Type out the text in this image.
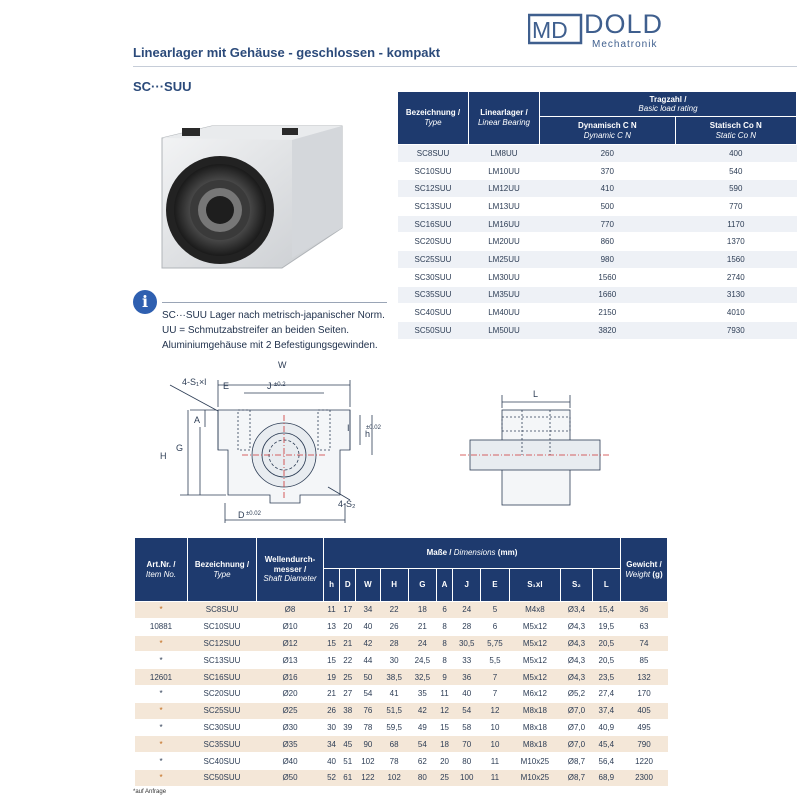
MD DOLD
Mechatronik
Linearlager mit Gehäuse - geschlossen - kompakt
SC···SUU
Bezeichnung /
Type	Linearlager /
Linear Bearing	Tragzahl /
Basic load rating	
		Dynamisch C N
Dynamic C N	Statisch Co N
Static Co N
SC8SUU	LM8UU	260	400
SC10SUU	LM10UU	370	540
SC12SUU	LM12UU	410	590
SC13SUU	LM13UU	500	770
SC16SUU	LM16UU	770	1170
SC20SUU	LM20UU	860	1370
SC25SUU	LM25UU	980	1560
SC30SUU	LM30UU	1560	2740
SC35SUU	LM35UU	1660	3130
SC40SUU	LM40UU	2150	4010
SC50SUU	LM50UU	3820	7930
i
SC···SUU Lager nach metrisch-japanischer Norm.
UU = Schmutzabstreifer an beiden Seiten.
Aluminiumgehäuse mit 2 Befestigungsgewinden.
W
4-S₁×l E	J ±0.2
A
H
G
I
h
±0.02
4-S₂
D ±0.02
L
Art.Nr. /
Item No.	Bezeichnung /
Type	Wellendurch-messer /
Shaft Diameter	Maße / Dimensions (mm)											Gewicht /
Weight (g)
			h	D	W	H	G	A	J	E	S₁xl	S₂	L	
*	SC8SUU	Ø8	11	17	34	22	18	6	24	5	M4x8	Ø3,4	15,4	36
10881	SC10SUU	Ø10	13	20	40	26	21	8	28	6	M5x12	Ø4,3	19,5	63
*	SC12SUU	Ø12	15	21	42	28	24	8	30,5	5,75	M5x12	Ø4,3	20,5	74
*	SC13SUU	Ø13	15	22	44	30	24,5	8	33	5,5	M5x12	Ø4,3	20,5	85
12601	SC16SUU	Ø16	19	25	50	38,5	32,5	9	36	7	M5x12	Ø4,3	23,5	132
*	SC20SUU	Ø20	21	27	54	41	35	11	40	7	M6x12	Ø5,2	27,4	170
*	SC25SUU	Ø25	26	38	76	51,5	42	12	54	12	M8x18	Ø7,0	37,4	405
*	SC30SUU	Ø30	30	39	78	59,5	49	15	58	10	M8x18	Ø7,0	40,9	495
*	SC35SUU	Ø35	34	45	90	68	54	18	70	10	M8x18	Ø7,0	45,4	790
*	SC40SUU	Ø40	40	51	102	78	62	20	80	11	M10x25	Ø8,7	56,4	1220
*	SC50SUU	Ø50	52	61	122	102	80	25	100	11	M10x25	Ø8,7	68,9	2300
*auf Anfrage
